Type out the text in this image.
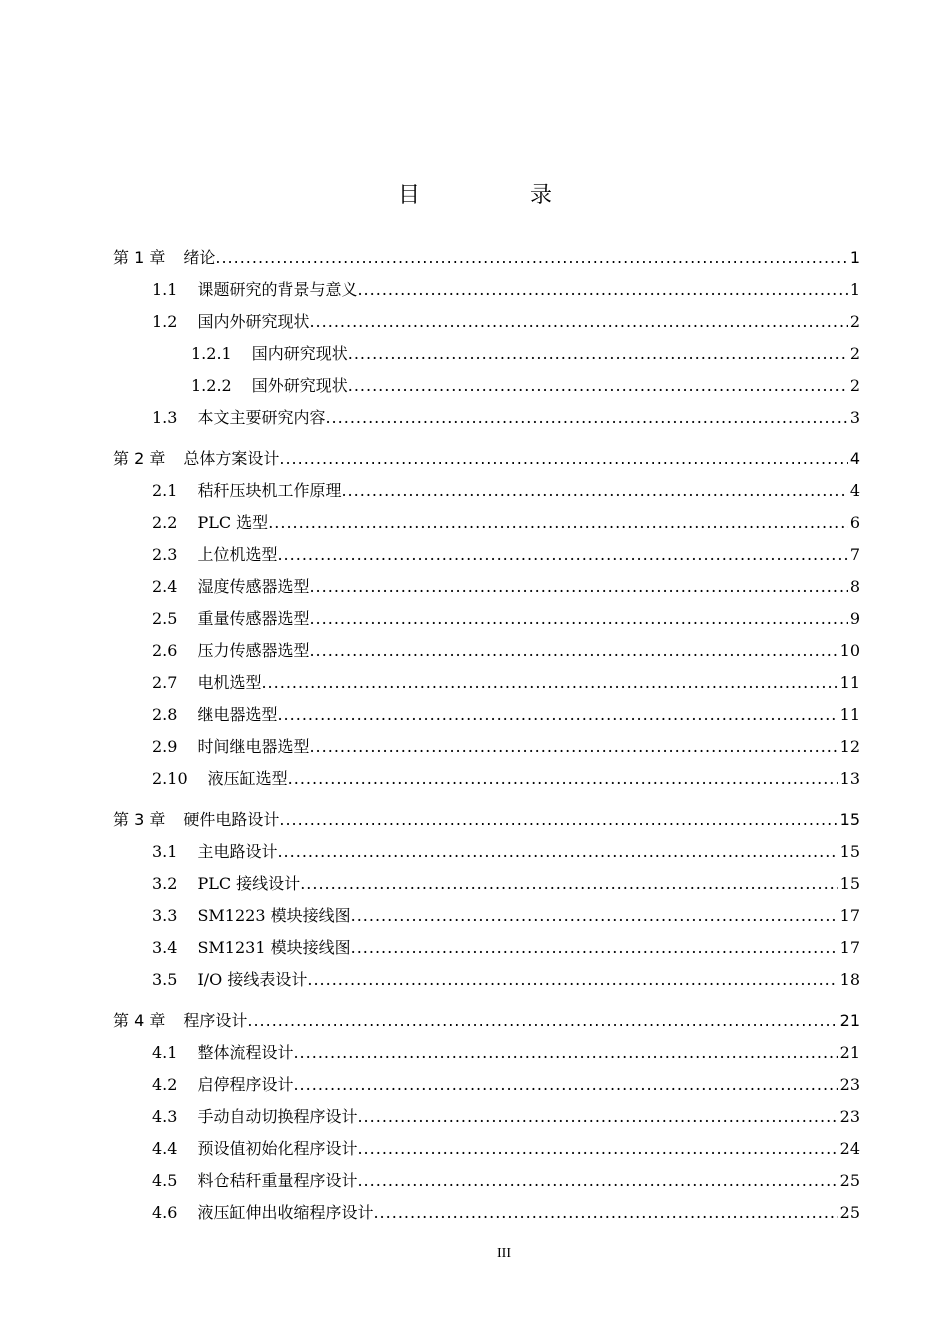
目　录
第 1 章 绪论 .....	1
1.1 课题研究的背景与意义 .....	1
1.2 国内外研究现状 .....	2
1.2.1 国内研究现状 .....	2
1.2.2 国外研究现状 .....	2
1.3 本文主要研究内容 .....	3
第 2 章 总体方案设计 .....	4
2.1 秸秆压块机工作原理 .....	4
2.2 PLC 选型 .....	6
2.3 上位机选型 .....	7
2.4 湿度传感器选型 .....	8
2.5 重量传感器选型 .....	9
2.6 压力传感器选型 .....	10
2.7 电机选型 .....	11
2.8 继电器选型 .....	11
2.9 时间继电器选型 .....	12
2.10 液压缸选型 .....	13
第 3 章 硬件电路设计 .....	15
3.1 主电路设计 .....	15
3.2 PLC 接线设计 .....	15
3.3 SM1223 模块接线图 .....	17
3.4 SM1231 模块接线图 .....	17
3.5 I/O 接线表设计 .....	18
第 4 章 程序设计 .....	21
4.1 整体流程设计 .....	21
4.2 启停程序设计 .....	23
4.3 手动自动切换程序设计 .....	23
4.4 预设值初始化程序设计 .....	24
4.5 料仓秸秆重量程序设计 .....	25
4.6 液压缸伸出收缩程序设计 .....	25
III
